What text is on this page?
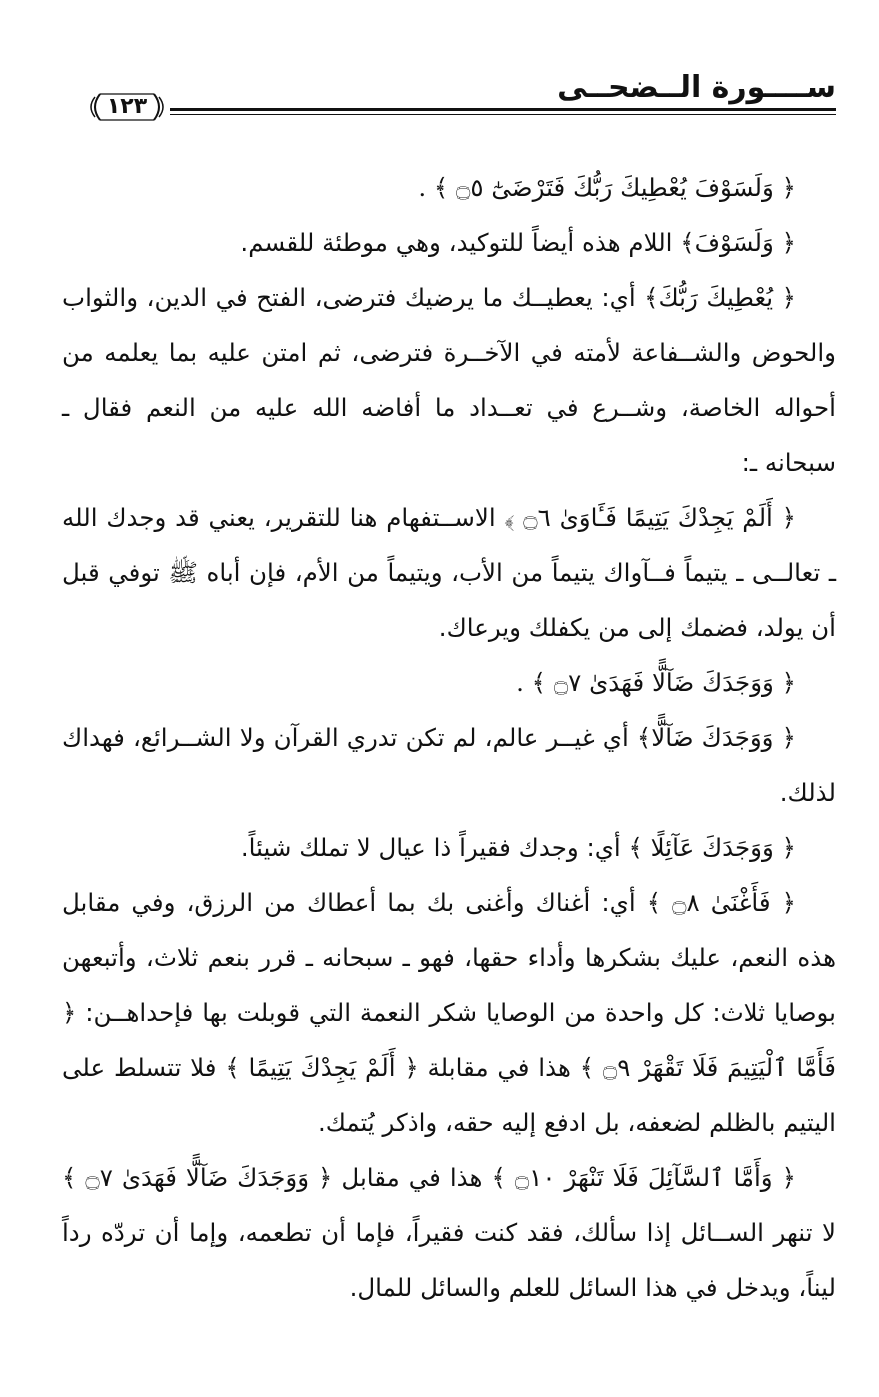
ســــورة الــضحــى
١٢٣

﴿ وَلَسَوْفَ يُعْطِيكَ رَبُّكَ فَتَرْضَىٰٓ ۝٥ ﴾ .

﴿ وَلَسَوْفَ﴾ اللام هذه أيضاً للتوكيد، وهي موطئة للقسم.

﴿ يُعْطِيكَ رَبُّكَ﴾ أي: يعطيــك ما يرضيك فترضى، الفتح في الدين، والثواب والحوض والشــفاعة لأمته في الآخــرة فترضى، ثم امتن عليه بما يعلمه من أحواله الخاصة، وشــرع في تعــداد ما أفاضه الله عليه من النعم فقال ـ سبحانه ـ:

﴿ أَلَمْ يَجِدْكَ يَتِيمًا فَـَٔاوَىٰ ۝٦ ﴾ الاســتفهام هنا للتقرير، يعني قد وجدك الله ـ تعالــى ـ يتيماً فــآواك يتيماً من الأب، ويتيماً من الأم، فإن أباه ﷺ توفي قبل أن يولد، فضمك إلى من يكفلك ويرعاك.

﴿ وَوَجَدَكَ ضَآلًّا فَهَدَىٰ ۝٧ ﴾ .

﴿ وَوَجَدَكَ ضَآلًّا﴾ أي غيــر عالم، لم تكن تدري القرآن ولا الشــرائع، فهداك لذلك.

﴿ وَوَجَدَكَ عَآئِلًا ﴾ أي: وجدك فقيراً ذا عيال لا تملك شيئاً.

﴿ فَأَغْنَىٰ ۝٨ ﴾ أي: أغناك وأغنى بك بما أعطاك من الرزق، وفي مقابل هذه النعم، عليك بشكرها وأداء حقها، فهو ـ سبحانه ـ قرر بنعم ثلاث، وأتبعهن بوصايا ثلاث: كل واحدة من الوصايا شكر النعمة التي قوبلت بها فإحداهــن: ﴿ فَأَمَّا ٱلْيَتِيمَ فَلَا تَقْهَرْ ۝٩ ﴾ هذا في مقابلة ﴿ أَلَمْ يَجِدْكَ يَتِيمًا ﴾ فلا تتسلط على اليتيم بالظلم لضعفه، بل ادفع إليه حقه، واذكر يُتمك.

﴿ وَأَمَّا ٱلسَّآئِلَ فَلَا تَنْهَرْ ۝١٠ ﴾ هذا في مقابل ﴿ وَوَجَدَكَ ضَآلًّا فَهَدَىٰ ۝٧ ﴾ لا تنهر الســائل إذا سألك، فقد كنت فقيراً، فإما أن تطعمه، وإما أن تردّه رداً ليناً، ويدخل في هذا السائل للعلم والسائل للمال.
